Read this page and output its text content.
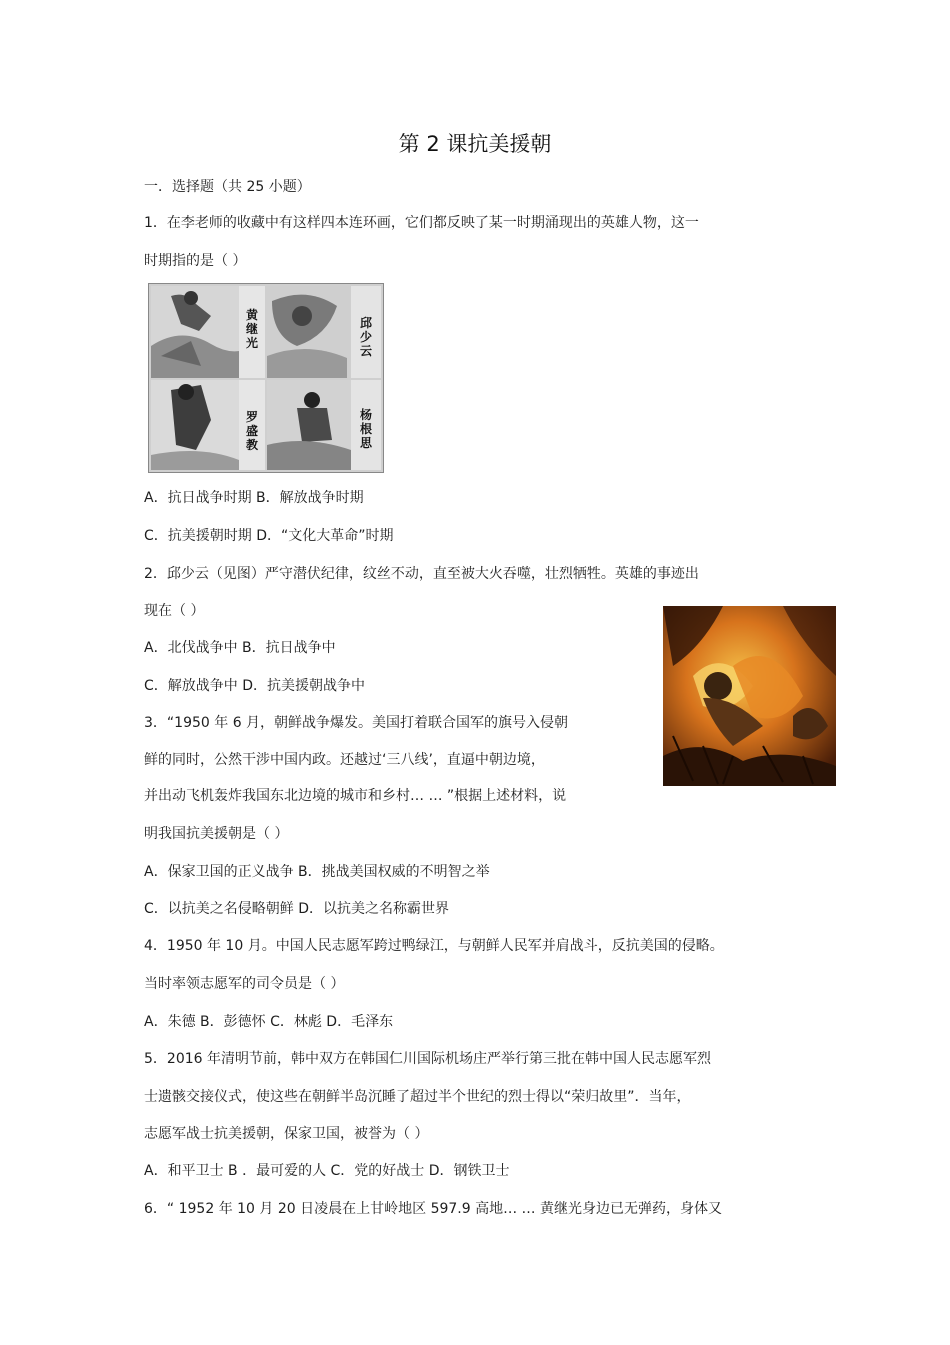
第 2 课抗美援朝
一．选择题（共 25 小题）
1．在李老师的收藏中有这样四本连环画，它们都反映了某一时期涌现出的英雄人物，这一
时期指的是（ ）
黄继光
邱少云
罗盛教
杨根思
A．抗日战争时期 B．解放战争时期
C．抗美援朝时期 D．“文化大革命”时期
2．邱少云（见图）严守潜伏纪律，纹丝不动，直至被大火吞噬，壮烈牺牲。英雄的事迹出
现在（ ）
A．北伐战争中 B．抗日战争中
C．解放战争中 D．抗美援朝战争中
3．“1950 年 6 月，朝鲜战争爆发。美国打着联合国军的旗号入侵朝
鲜的同时，公然干涉中国内政。还越过‘三八线’，直逼中朝边境，
并出动飞机轰炸我国东北边境的城市和乡村… … ”根据上述材料，说
明我国抗美援朝是（ ）
A．保家卫国的正义战争 B．挑战美国权威的不明智之举
C．以抗美之名侵略朝鲜 D．以抗美之名称霸世界
4．1950 年 10 月。中国人民志愿军跨过鸭绿江，与朝鲜人民军并肩战斗，反抗美国的侵略。
当时率领志愿军的司令员是（ ）
A．朱德 B．彭德怀 C．林彪 D．毛泽东
5．2016 年清明节前，韩中双方在韩国仁川国际机场庄严举行第三批在韩中国人民志愿军烈
士遗骸交接仪式，使这些在朝鲜半岛沉睡了超过半个世纪的烈士得以“荣归故里”．当年，
志愿军战士抗美援朝，保家卫国，被誉为（ ）
A．和平卫士 B ．最可爱的人 C．党的好战士 D．钢铁卫士
6．“ 1952 年 10 月 20 日凌晨在上甘岭地区 597.9 高地… … 黄继光身边已无弹药，身体又
